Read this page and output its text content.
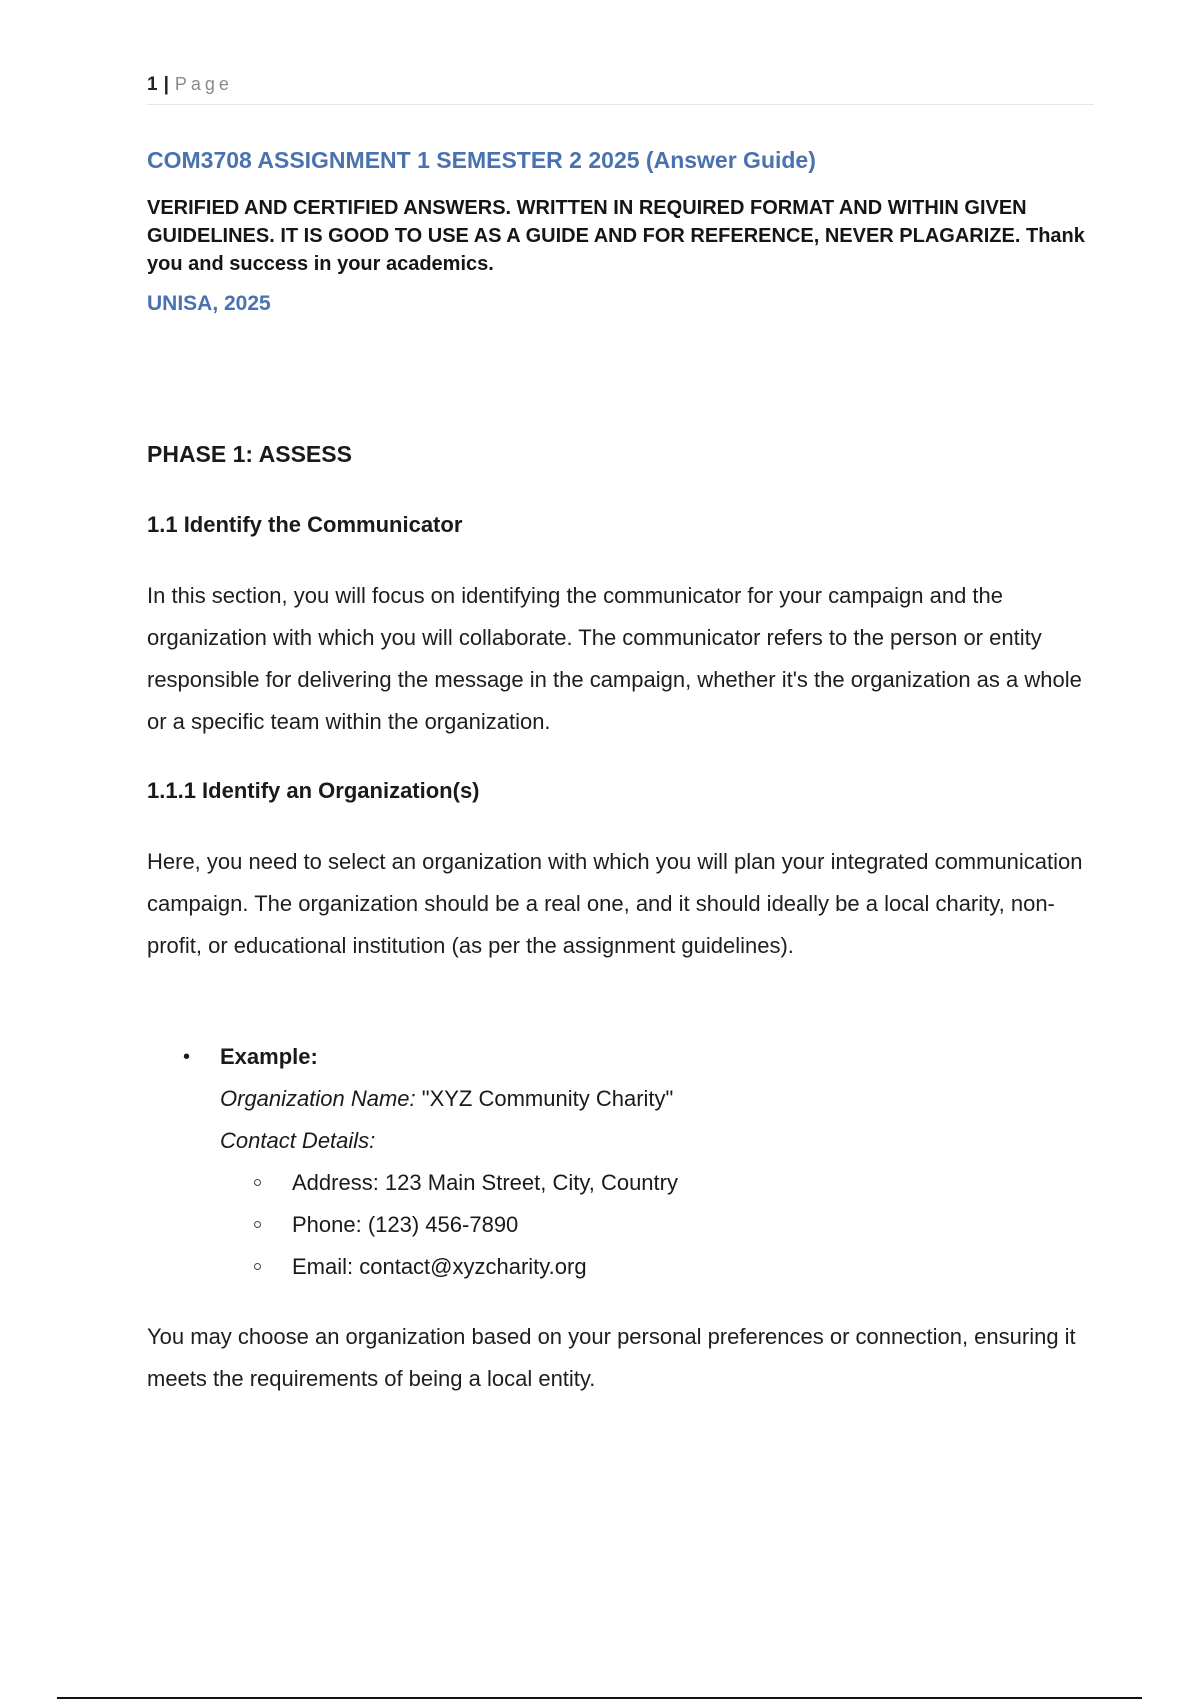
1 | Page
COM3708 ASSIGNMENT 1 SEMESTER 2 2025 (Answer Guide)
VERIFIED AND CERTIFIED ANSWERS. WRITTEN IN REQUIRED FORMAT AND WITHIN GIVEN GUIDELINES. IT IS GOOD TO USE AS A GUIDE AND FOR REFERENCE, NEVER PLAGARIZE. Thank you and success in your academics.
UNISA, 2025
PHASE 1: ASSESS
1.1 Identify the Communicator
In this section, you will focus on identifying the communicator for your campaign and the organization with which you will collaborate. The communicator refers to the person or entity responsible for delivering the message in the campaign, whether it's the organization as a whole or a specific team within the organization.
1.1.1 Identify an Organization(s)
Here, you need to select an organization with which you will plan your integrated communication campaign. The organization should be a real one, and it should ideally be a local charity, non-profit, or educational institution (as per the assignment guidelines).
• Example:
Organization Name: "XYZ Community Charity"
Contact Details:
Address: 123 Main Street, City, Country
Phone: (123) 456-7890
Email: contact@xyzcharity.org
You may choose an organization based on your personal preferences or connection, ensuring it meets the requirements of being a local entity.
